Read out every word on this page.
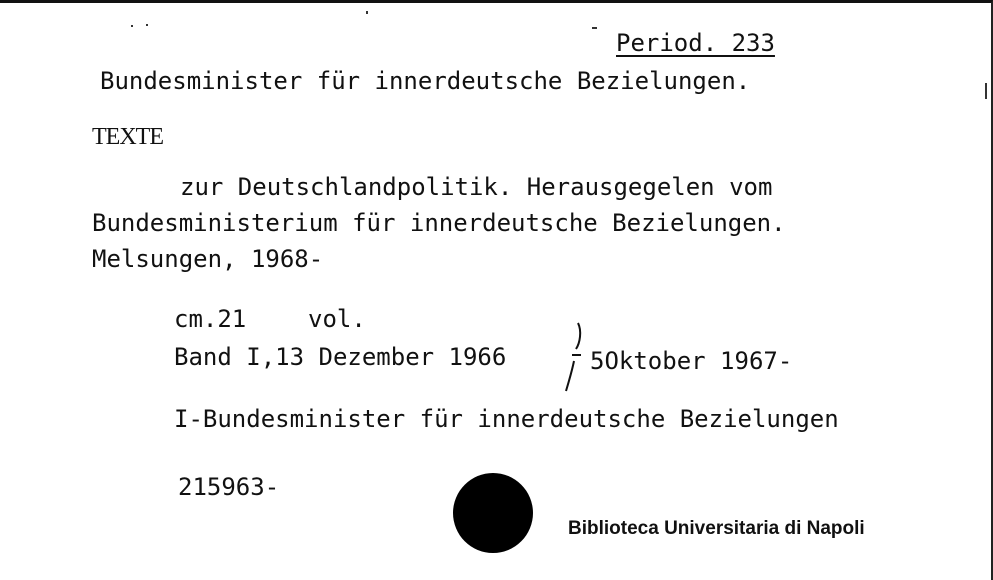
Period. 233
Bundesminister für innerdeutsche Bezielungen.
TEXTE
zur Deutschlandpolitik. Herausgegelen vom
Bundesministerium für innerdeutsche Bezielungen.
Melsungen, 1968-
cm.21	vol.
Band I,13 Dezember 1966	5Oktober 1967-
I-Bundesminister für innerdeutsche Bezielungen
215963-
Biblioteca Universitaria di Napoli
